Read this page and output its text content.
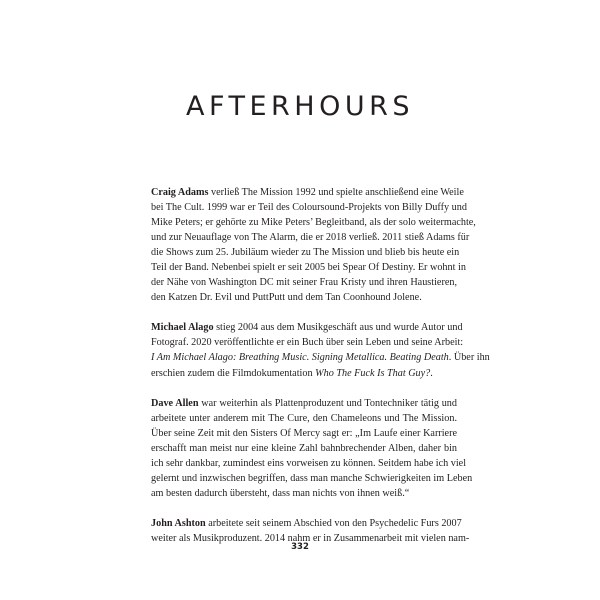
AFTERHOURS
Craig Adams verließ The Mission 1992 und spielte anschließend eine Weile
bei The Cult. 1999 war er Teil des Coloursound-Projekts von Billy Duffy und
Mike Peters; er gehörte zu Mike Peters’ Begleitband, als der solo weitermachte,
und zur Neuauflage von The Alarm, die er 2018 verließ. 2011 stieß Adams für
die Shows zum 25. Jubiläum wieder zu The Mission und blieb bis heute ein
Teil der Band. Nebenbei spielt er seit 2005 bei Spear Of Destiny. Er wohnt in
der Nähe von Washington DC mit seiner Frau Kristy und ihren Haustieren,
den Katzen Dr. Evil und PuttPutt und dem Tan Coonhound Jolene.
Michael Alago stieg 2004 aus dem Musikgeschäft aus und wurde Autor und
Fotograf. 2020 veröffentlichte er ein Buch über sein Leben und seine Arbeit:
I Am Michael Alago: Breathing Music. Signing Metallica. Beating Death. Über ihn
erschien zudem die Filmdokumentation Who The Fuck Is That Guy?.
Dave Allen war weiterhin als Plattenproduzent und Tontechniker tätig und
arbeitete unter anderem mit The Cure, den Chameleons und The Mission.
Über seine Zeit mit den Sisters Of Mercy sagt er: „Im Laufe einer Karriere
erschafft man meist nur eine kleine Zahl bahnbrechender Alben, daher bin
ich sehr dankbar, zumindest eins vorweisen zu können. Seitdem habe ich viel
gelernt und inzwischen begriffen, dass man manche Schwierigkeiten im Leben
am besten dadurch übersteht, dass man nichts von ihnen weiß.“
John Ashton arbeitete seit seinem Abschied von den Psychedelic Furs 2007
weiter als Musikproduzent. 2014 nahm er in Zusammenarbeit mit vielen nam-
332
